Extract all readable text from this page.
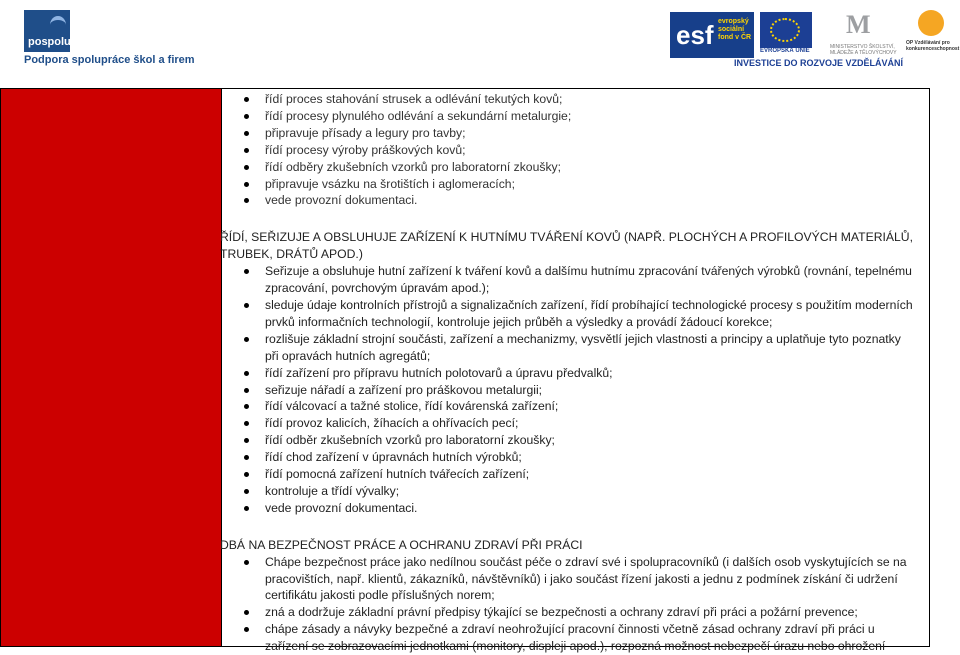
pospolu
Podpora spolupráce škol a firem
esf evropský sociální fond v ČR
EVROPSKÁ UNIE
M
MINISTERSTVO ŠKOLSTVÍ, MLÁDEŽE A TĚLOVÝCHOVY
OP Vzdělávání pro konkurenceschopnost
INVESTICE DO ROZVOJE VZDĚLÁVÁNÍ
řídí proces stahování strusek a odlévání tekutých kovů;
řídí procesy plynulého odlévání a sekundární metalurgie;
připravuje přísady a legury pro tavby;
řídí procesy výroby práškových kovů;
řídí odběry zkušebních vzorků pro laboratorní zkoušky;
připravuje vsázku na šrotištích i aglomeracích;
vede provozní dokumentaci.
ŘÍDÍ, SEŘIZUJE A OBSLUHUJE ZAŘÍZENÍ K HUTNÍMU TVÁŘENÍ KOVŮ (NAPŘ. PLOCHÝCH A PROFILOVÝCH MATERIÁLŮ, TRUBEK, DRÁTŮ APOD.)
Seřizuje a obsluhuje hutní zařízení k tváření kovů a dalšímu hutnímu zpracování tvářených výrobků (rovnání, tepelnému zpracování, povrchovým úpravám apod.);
sleduje údaje kontrolních přístrojů a signalizačních zařízení, řídí probíhající technologické procesy s použitím moderních prvků informačních technologií, kontroluje jejich průběh a výsledky a provádí žádoucí korekce;
rozlišuje základní strojní součásti, zařízení a mechanizmy, vysvětlí jejich vlastnosti a principy a uplatňuje tyto poznatky při opravách hutních agregátů;
řídí zařízení pro přípravu hutních polotovarů a úpravu předvalků;
seřizuje nářadí a zařízení pro práškovou metalurgii;
řídí válcovací a tažné stolice, řídí kovárenská zařízení;
řídí provoz kalicích, žíhacích a ohřívacích pecí;
řídí odběr zkušebních vzorků pro laboratorní zkoušky;
řídí chod zařízení v úpravnách hutních výrobků;
řídí pomocná zařízení hutních tvářecích zařízení;
kontroluje a třídí vývalky;
vede provozní dokumentaci.
DBÁ NA BEZPEČNOST PRÁCE A OCHRANU ZDRAVÍ PŘI PRÁCI
Chápe bezpečnost práce jako nedílnou součást péče o zdraví své i spolupracovníků (i dalších osob vyskytujících se na pracovištích, např. klientů, zákazníků, návštěvníků) i jako součást řízení jakosti a jednu z podmínek získání či udržení certifikátu jakosti podle příslušných norem;
zná a dodržuje základní právní předpisy týkající se bezpečnosti a ochrany zdraví při práci a požární prevence;
chápe zásady a návyky bezpečné a zdraví neohrožující pracovní činnosti včetně zásad ochrany zdraví při práci u zařízení se zobrazovacími jednotkami (monitory, displeji apod.), rozpozná možnost nebezpečí úrazu nebo ohrožení
